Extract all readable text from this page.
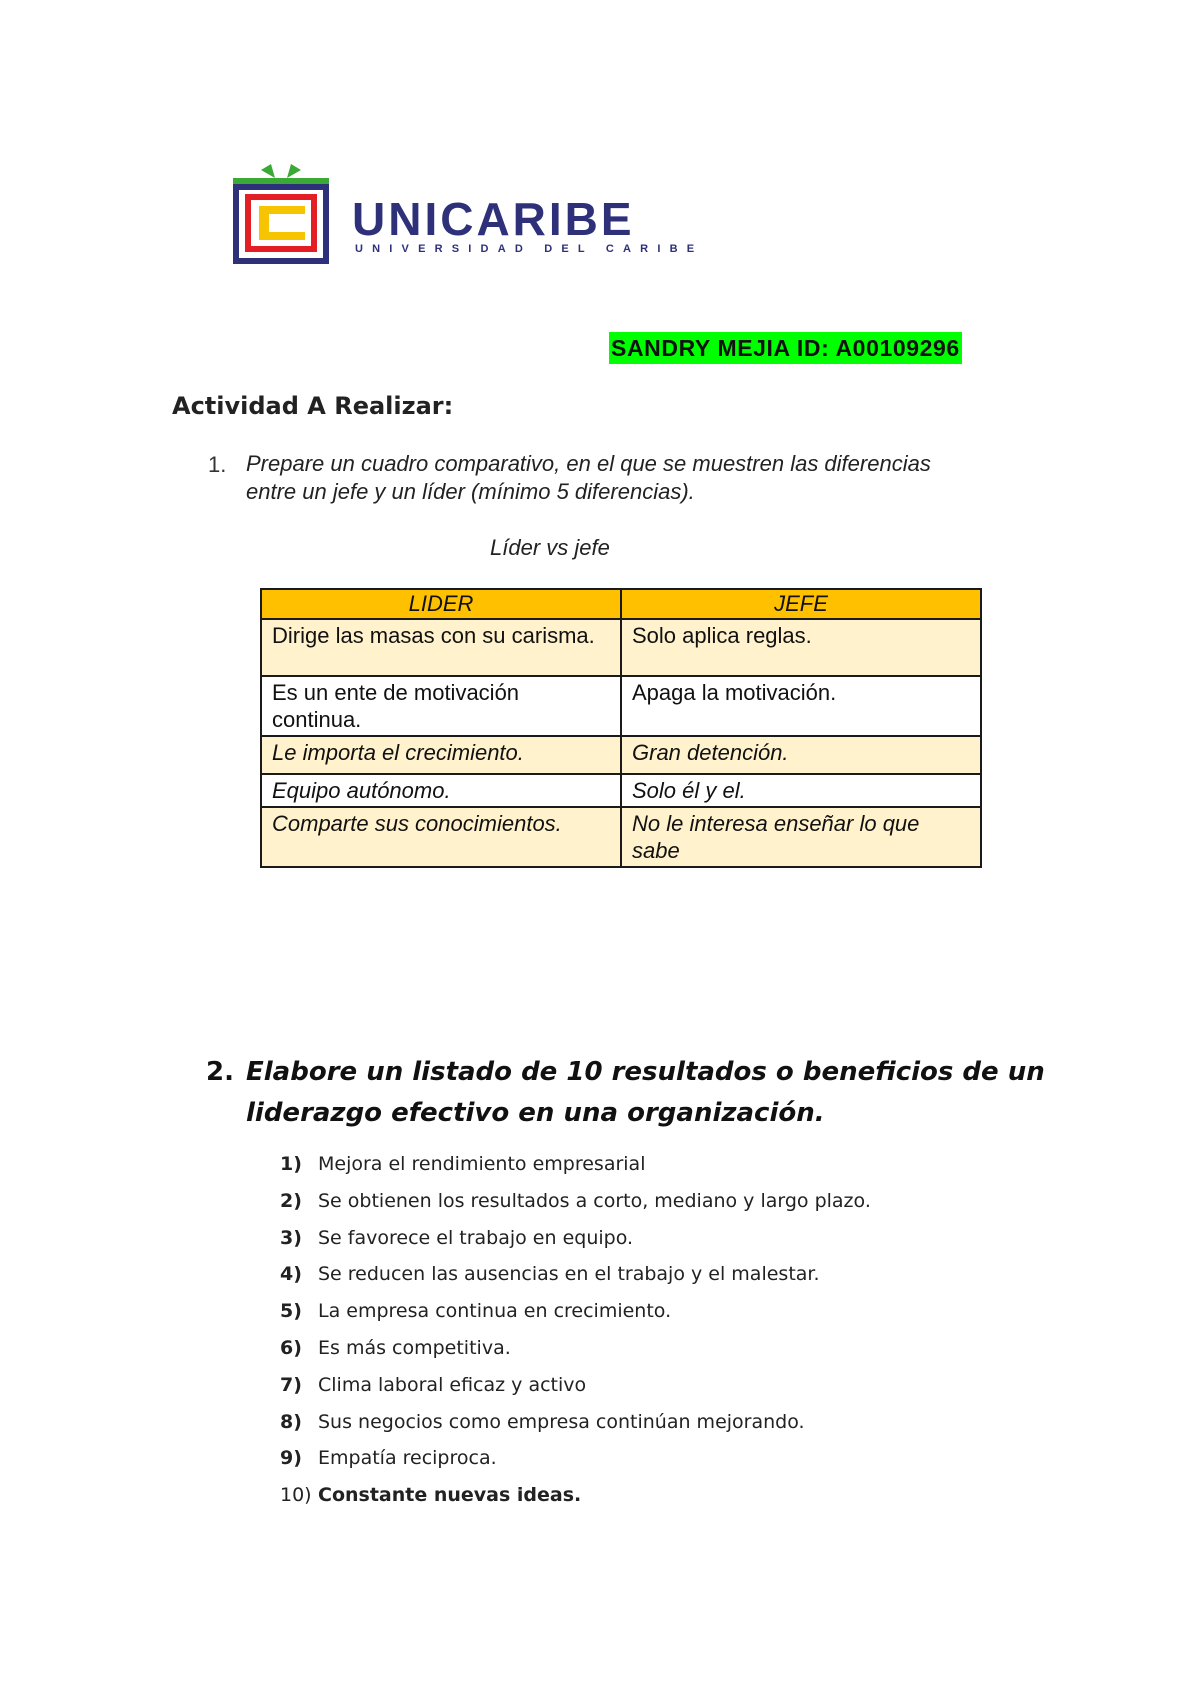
UNICARIBE
UNIVERSIDAD DEL CARIBE
SANDRY MEJIA ID: A00109296
Actividad A Realizar:
1. Prepare un cuadro comparativo, en el que se muestren las diferencias entre un jefe y un líder (mínimo 5 diferencias).
Líder vs jefe
LIDER	JEFE
Dirige las masas con su carisma.	Solo aplica reglas.
Es un ente de motivación continua.	Apaga la motivación.
Le importa el crecimiento.	Gran detención.
Equipo autónomo.	Solo él y el.
Comparte sus conocimientos.	No le interesa enseñar lo que sabe
2. Elabore un listado de 10 resultados o beneficios de un liderazgo efectivo en una organización.
1) Mejora el rendimiento empresarial
2) Se obtienen los resultados a corto, mediano y largo plazo.
3) Se favorece el trabajo en equipo.
4) Se reducen las ausencias en el trabajo y el malestar.
5) La empresa continua en crecimiento.
6) Es más competitiva.
7) Clima laboral eficaz y activo
8) Sus negocios como empresa continúan mejorando.
9) Empatía reciproca.
10) Constante nuevas ideas.
